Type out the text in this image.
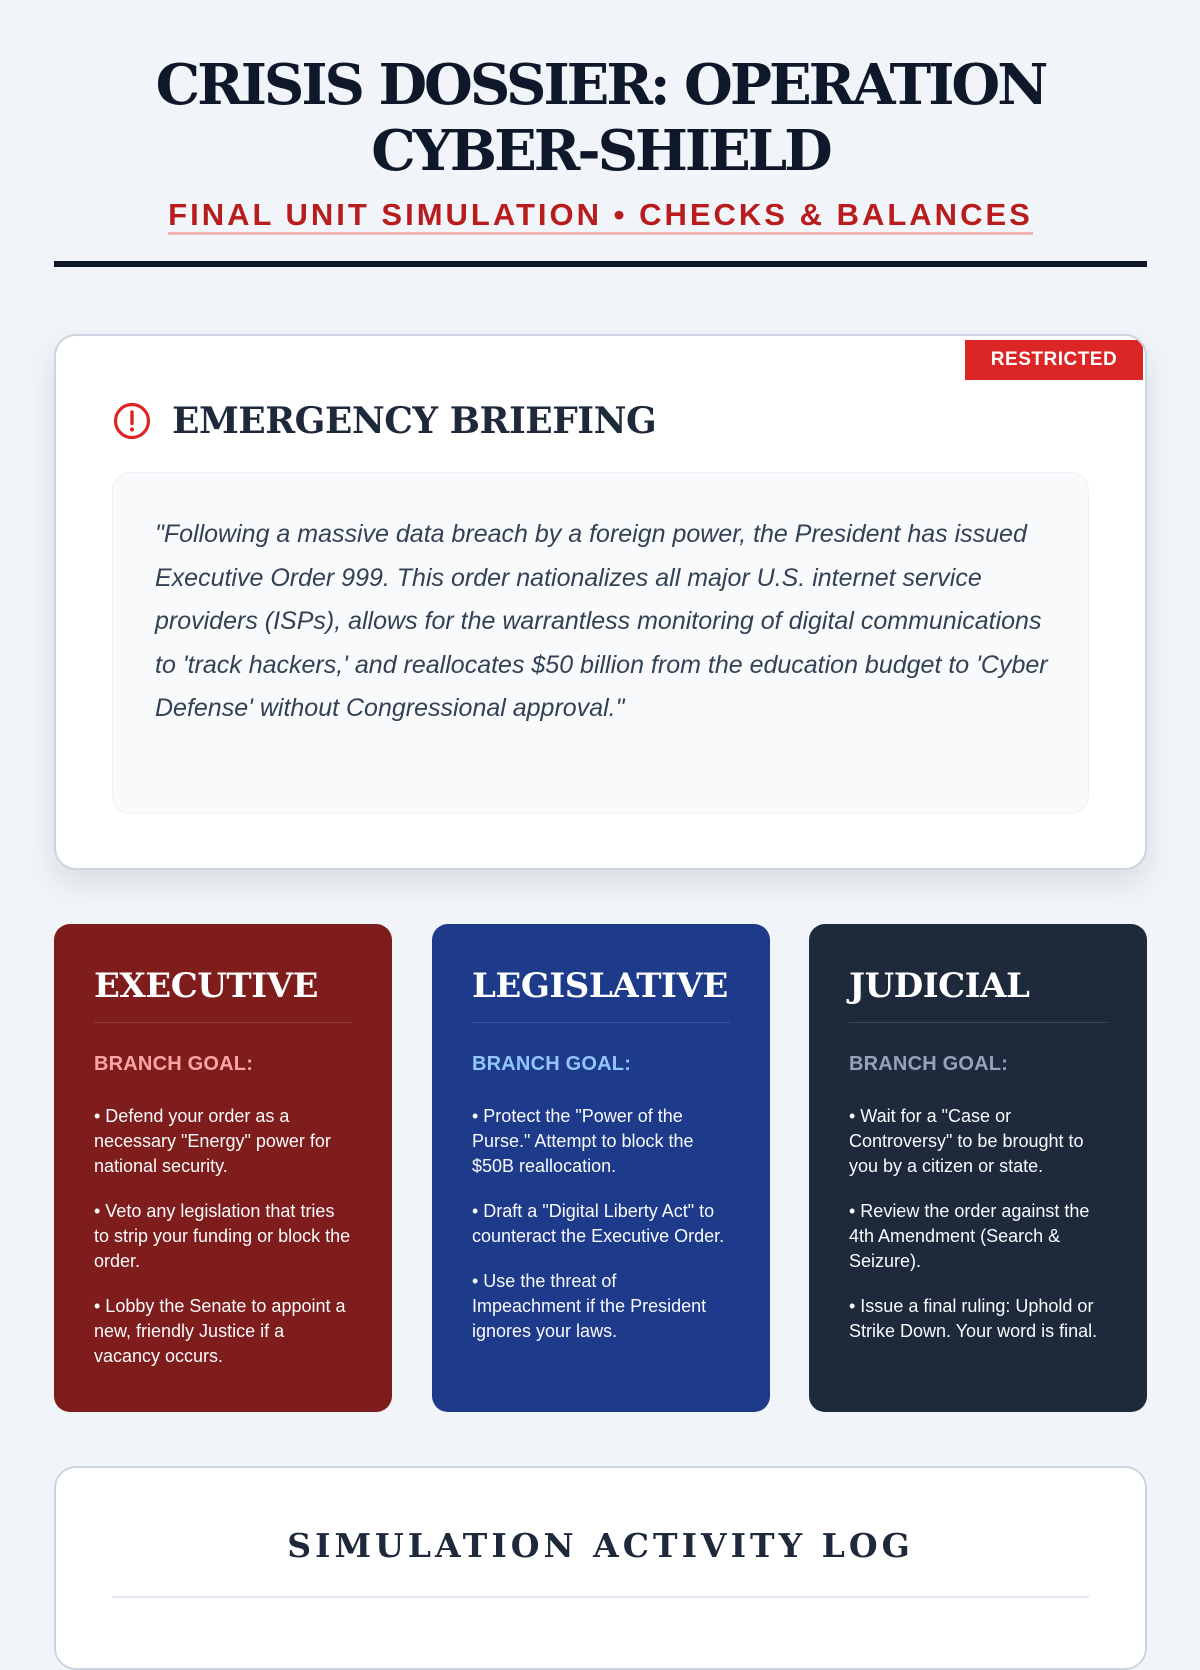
CRISIS DOSSIER: OPERATION CYBER-SHIELD
FINAL UNIT SIMULATION • CHECKS & BALANCES
RESTRICTED
EMERGENCY BRIEFING

"Following a massive data breach by a foreign power, the President has issued Executive Order 999. This order nationalizes all major U.S. internet service providers (ISPs), allows for the warrantless monitoring of digital communications to 'track hackers,' and reallocates $50 billion from the education budget to 'Cyber Defense' without Congressional approval."

EXECUTIVE
BRANCH GOAL:
• Defend your order as a necessary "Energy" power for national security.
• Veto any legislation that tries to strip your funding or block the order.
• Lobby the Senate to appoint a new, friendly Justice if a vacancy occurs.
LEGISLATIVE
BRANCH GOAL:
• Protect the "Power of the Purse." Attempt to block the $50B reallocation.
• Draft a "Digital Liberty Act" to counteract the Executive Order.
• Use the threat of Impeachment if the President ignores your laws.
JUDICIAL
BRANCH GOAL:
• Wait for a "Case or Controversy" to be brought to you by a citizen or state.
• Review the order against the 4th Amendment (Search & Seizure).
• Issue a final ruling: Uphold or Strike Down. Your word is final.
SIMULATION ACTIVITY LOG
